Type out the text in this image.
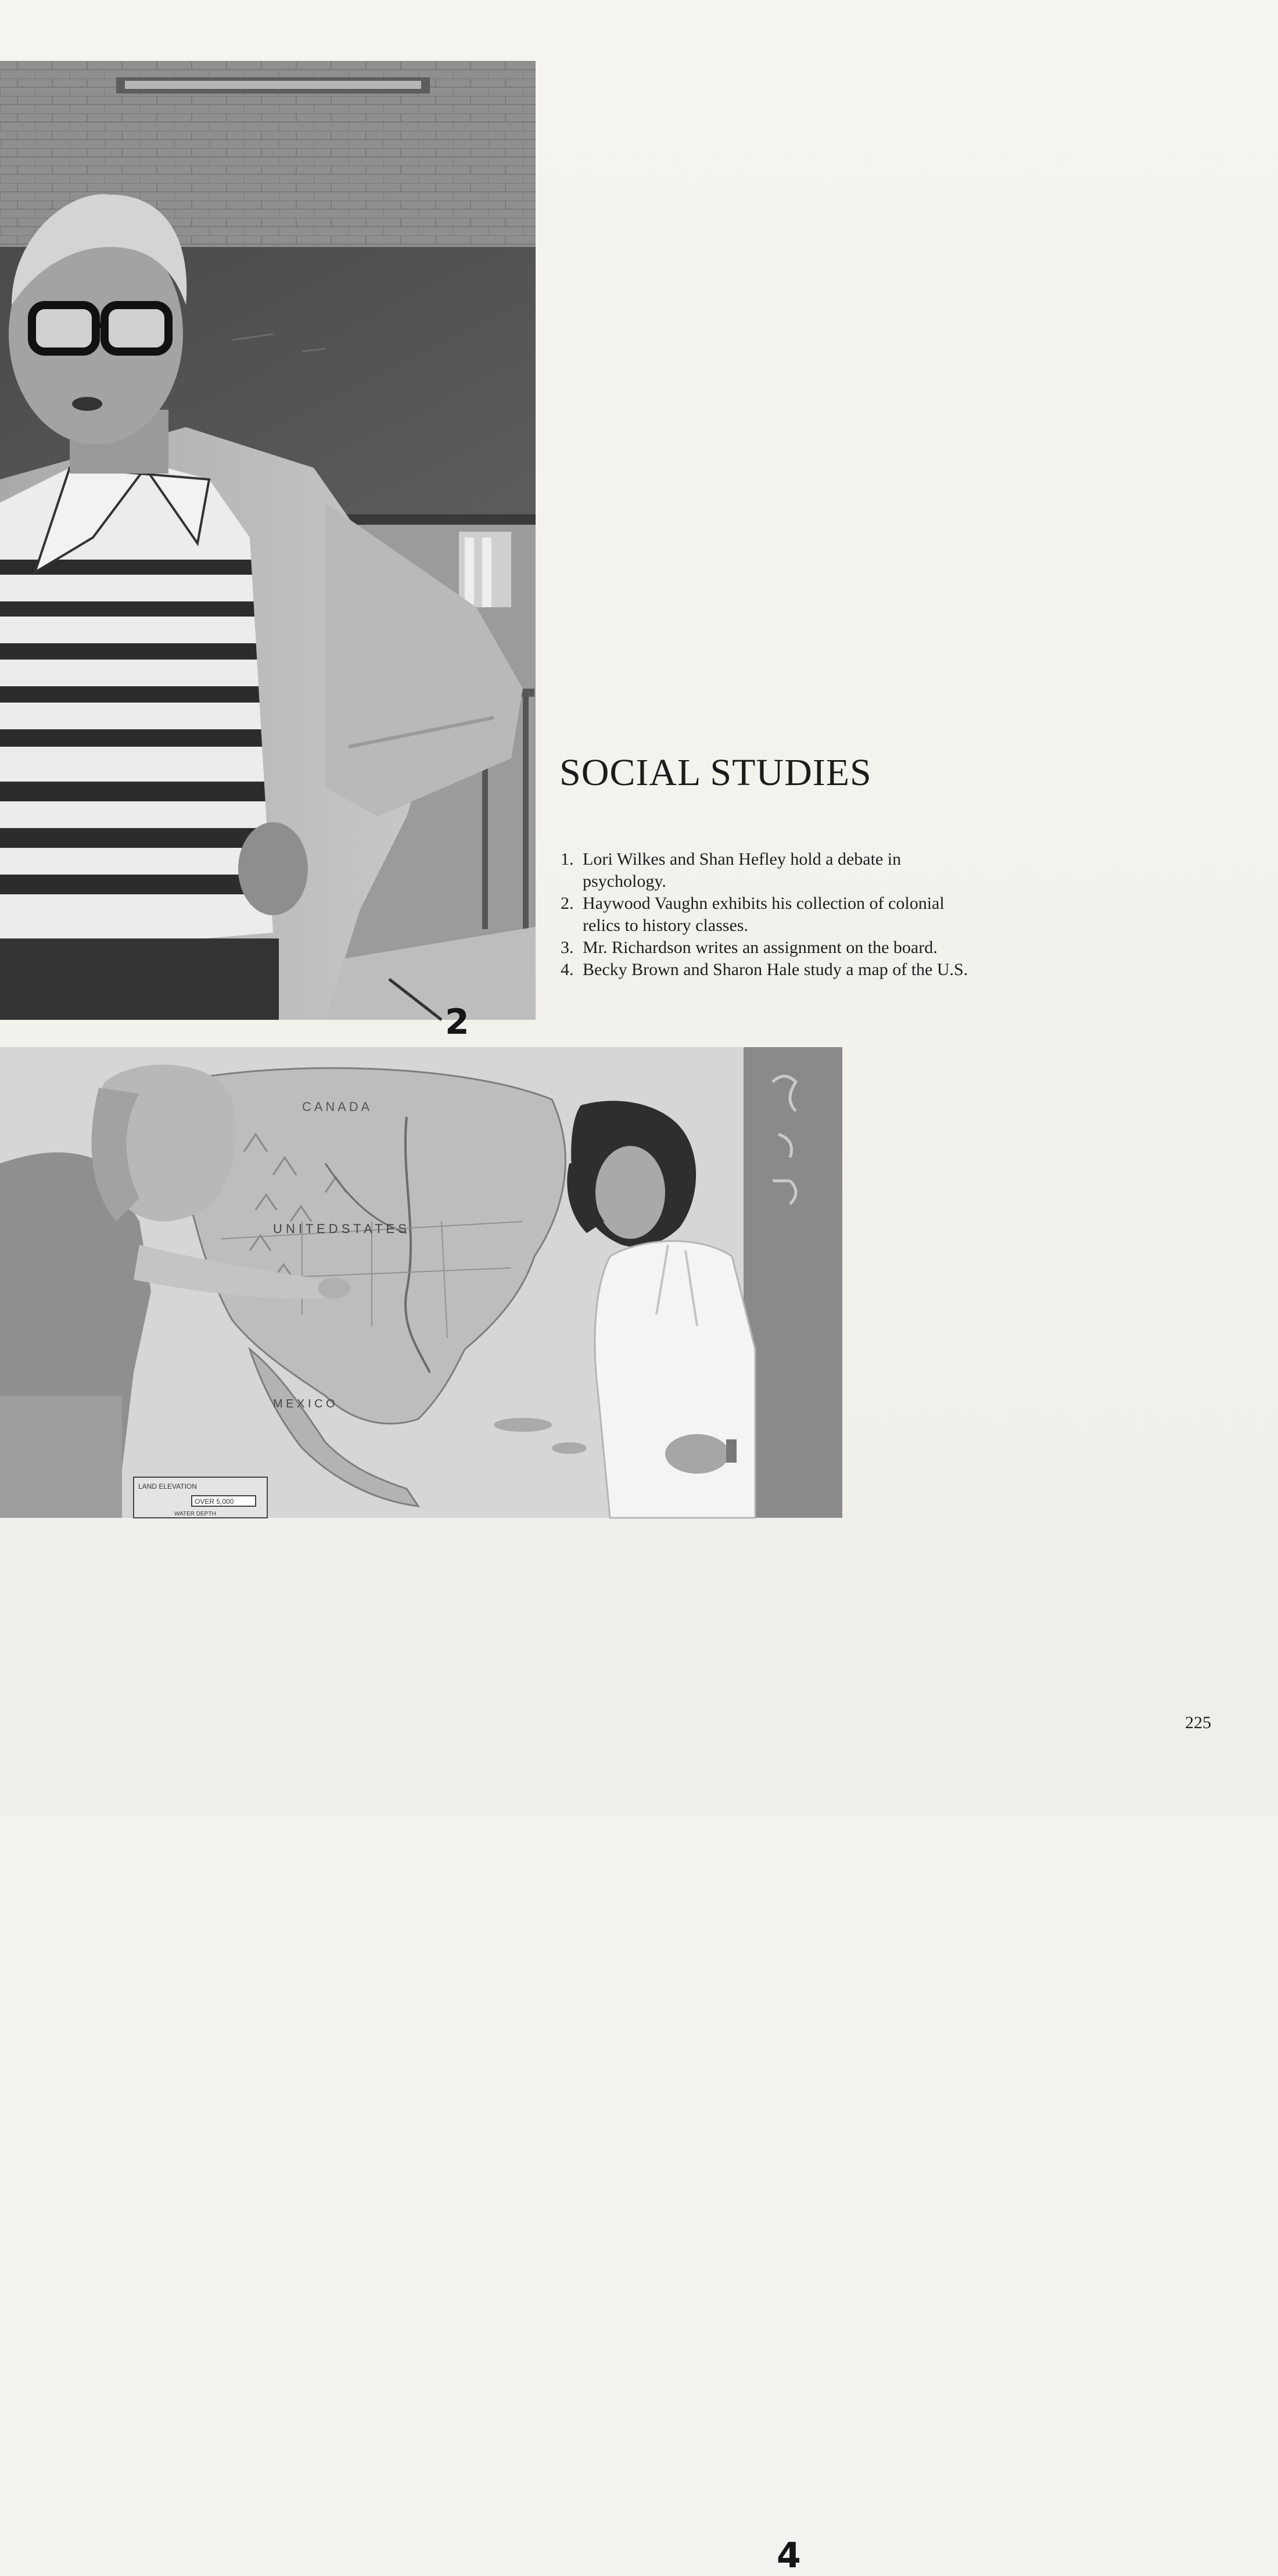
2
SOCIAL STUDIES
1. Lori Wilkes and Shan Hefley hold a debate in psychology.
2. Haywood Vaughn exhibits his collection of colonial relics to history classes.
3. Mr. Richardson writes an assignment on the board.
4. Becky Brown and Sharon Hale study a map of the U.S.
C A N A D A
U N I T E D S T A T E S
M E X I C O
LAND ELEVATION
OVER 5,000
WATER DEPTH
4
225
